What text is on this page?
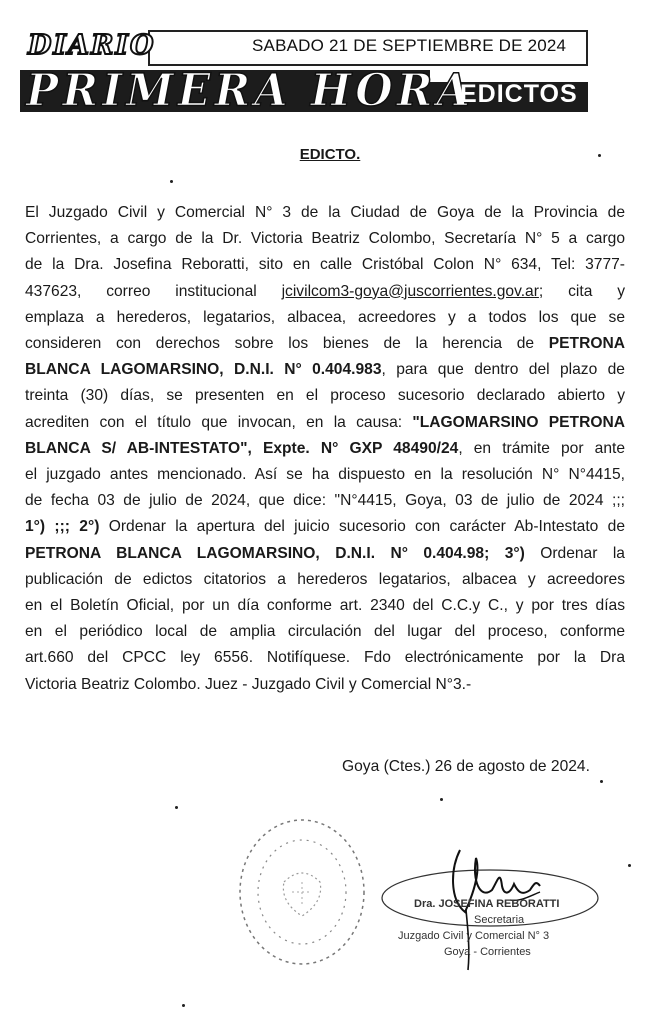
DIARIO	SABADO 21 DE SEPTIEMBRE DE 2024
PRIMERA HORA
EDICTOS
EDICTO.
El Juzgado Civil y Comercial N° 3 de la Ciudad de Goya de la Provincia de
Corrientes, a cargo de la Dr. Victoria Beatriz Colombo, Secretaría N° 5 a cargo
de la Dra. Josefina Reboratti, sito en calle Cristóbal Colon N° 634, Tel: 3777-
437623, correo institucional jcivilcom3-goya@juscorrientes.gov.ar; cita y
emplaza a herederos, legatarios, albacea, acreedores y a todos los que se
consideren con derechos sobre los bienes de la herencia de PETRONA
BLANCA LAGOMARSINO, D.N.I. N° 0.404.983, para que dentro del plazo de
treinta (30) días, se presenten en el proceso sucesorio declarado abierto y
acrediten con el título que invocan, en la causa: "LAGOMARSINO PETRONA
BLANCA S/ AB-INTESTATO", Expte. N° GXP 48490/24, en trámite por ante
el juzgado antes mencionado. Así se ha dispuesto en la resolución N° N°4415,
de fecha 03 de julio de 2024, que dice: "N°4415, Goya, 03 de julio de 2024 ;;;
1°) ;;; 2°) Ordenar la apertura del juicio sucesorio con carácter Ab-Intestato de
PETRONA BLANCA LAGOMARSINO, D.N.I. N° 0.404.98; 3°) Ordenar la
publicación de edictos citatorios a herederos legatarios, albacea y acreedores
en el Boletín Oficial, por un día conforme art. 2340 del C.C.y C., y por tres días
en el periódico local de amplia circulación del lugar del proceso, conforme
art.660 del CPCC ley 6556. Notifíquese. Fdo electrónicamente por la Dra
Victoria Beatriz Colombo. Juez - Juzgado Civil y Comercial N°3.-
Goya (Ctes.) 26 de agosto de 2024.
Dra. JOSEFINA REBORATTI
Secretaria
Juzgado Civil y Comercial N° 3
Goya - Corrientes
